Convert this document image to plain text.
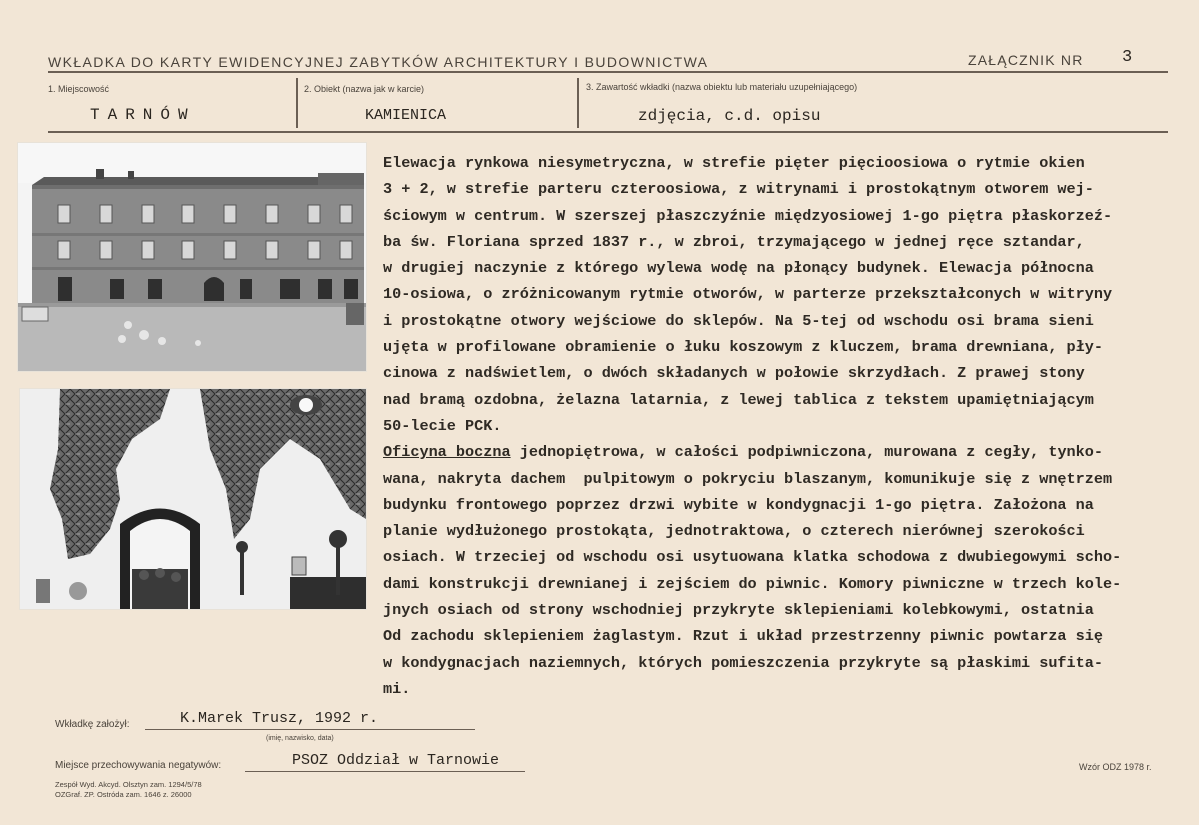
WKŁADKA DO KARTY EWIDENCYJNEJ ZABYTKÓW ARCHITEKTURY I BUDOWNICTWA	ZAŁĄCZNIK NR 3
1. Miejscowość	2. Obiekt (nazwa jak w karcie)	3. Zawartość wkładki (nazwa obiektu lub materiału uzupełniającego)
TARNÓW	KAMIENICA	zdjęcia, c.d. opisu
Elewacja rynkowa niesymetryczna, w strefie pięter pięcioosiowa o rytmie okien
3 + 2, w strefie parteru czteroosiowa, z witrynami i prostokątnym otworem wej-
ściowym w centrum. W szerszej płaszczyźnie międzyosiowej 1-go piętra płaskorzeź-
ba św. Floriana sprzed 1837 r., w zbroi, trzymającego w jednej ręce sztandar,
w drugiej naczynie z którego wylewa wodę na płonący budynek. Elewacja północna
10-osiowa, o zróżnicowanym rytmie otworów, w parterze przekształconych w witryny
i prostokątne otwory wejściowe do sklepów. Na 5-tej od wschodu osi brama sieni
ujęta w profilowane obramienie o łuku koszowym z kluczem, brama drewniana, pły-
cinowa z nadświetlem, o dwóch składanych w połowie skrzydłach. Z prawej stony
nad bramą ozdobna, żelazna latarnia, z lewej tablica z tekstem upamiętniającym
50-lecie PCK.
Oficyna boczna jednopiętrowa, w całości podpiwniczona, murowana z cegły, tynko-
wana, nakryta dachem  pulpitowym o pokryciu blaszanym, komunikuje się z wnętrzem
budynku frontowego poprzez drzwi wybite w kondygnacji 1-go piętra. Założona na
planie wydłużonego prostokąta, jednotraktowa, o czterech nierównej szerokości
osiach. W trzeciej od wschodu osi usytuowana klatka schodowa z dwubiegowymi scho-
dami konstrukcji drewnianej i zejściem do piwnic. Komory piwniczne w trzech kole-
jnych osiach od strony wschodniej przykryte sklepieniami kolebkowymi, ostatnia
Od zachodu sklepieniem żaglastym. Rzut i układ przestrzenny piwnic powtarza się
w kondygnacjach naziemnych, których pomieszczenia przykryte są płaskimi sufita-
mi.
Wkładkę założył:	K.Marek Trusz, 1992 r.
(imię, nazwisko, data)
Miejsce przechowywania negatywów:	PSOZ Oddział w Tarnowie
Zespół Wyd. Akcyd. Olsztyn zam. 1294/5/78
OZGraf. ZP. Ostróda zam. 1646 z. 26000
Wzór ODZ 1978 r.
